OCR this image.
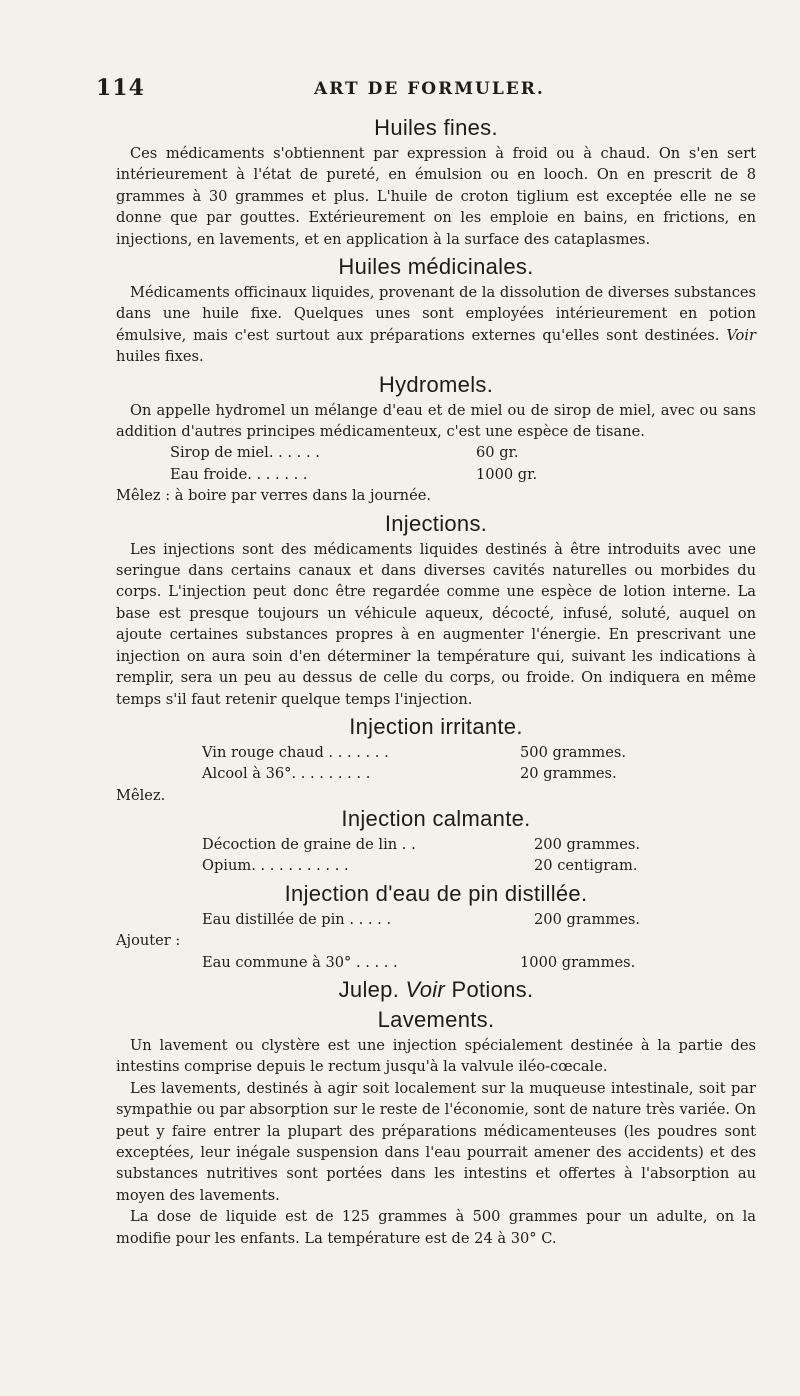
114	ART DE FORMULER.
Huiles fines.

Ces médicaments s'obtiennent par expression à froid ou à chaud. On s'en sert intérieurement à l'état de pureté, en émulsion ou en looch. On en prescrit de 8 grammes à 30 grammes et plus. L'huile de croton tiglium est exceptée elle ne se donne que par gouttes. Extérieurement on les emploie en bains, en frictions, en injections, en lavements, et en application à la surface des cataplasmes.

Huiles médicinales.

Médicaments officinaux liquides, provenant de la dissolution de diverses substances dans une huile fixe. Quelques unes sont employées intérieurement en potion émulsive, mais c'est surtout aux préparations externes qu'elles sont destinées. Voir huiles fixes.

Hydromels.

On appelle hydromel un mélange d'eau et de miel ou de sirop de miel, avec ou sans addition d'autres principes médicamenteux, c'est une espèce de tisane.

Sirop de miel. . . . . .	60 gr.
Eau froide. . . . . . .	1000 gr.

Mêlez : à boire par verres dans la journée.

Injections.

Les injections sont des médicaments liquides destinés à être introduits avec une seringue dans certains canaux et dans diverses cavités naturelles ou morbides du corps. L'injection peut donc être regardée comme une espèce de lotion interne. La base est presque toujours un véhicule aqueux, décocté, infusé, soluté, auquel on ajoute certaines substances propres à en augmenter l'énergie. En prescrivant une injection on aura soin d'en déterminer la température qui, suivant les indications à remplir, sera un peu au dessus de celle du corps, ou froide. On indiquera en même temps s'il faut retenir quelque temps l'injection.

Injection irritante.
Vin rouge chaud . . . . . . .	500 grammes.
Alcool à 36°. . . . . . . . .	20 grammes.
Mêlez.
Injection calmante.
Décoction de graine de lin . .	200 grammes.
Opium. . . . . . . . . . .	20 centigram.
Injection d'eau de pin distillée.
Eau distillée de pin . . . . .	200 grammes.
Ajouter :
Eau commune à 30° . . . . .	1000 grammes.
Julep. Voir Potions.
Lavements.

Un lavement ou clystère est une injection spécialement destinée à la partie des intestins comprise depuis le rectum jusqu'à la valvule iléo-cœcale.

Les lavements, destinés à agir soit localement sur la muqueuse intestinale, soit par sympathie ou par absorption sur le reste de l'économie, sont de nature très variée. On peut y faire entrer la plupart des préparations médicamenteuses (les poudres sont exceptées, leur inégale suspension dans l'eau pourrait amener des accidents) et des substances nutritives sont portées dans les intestins et offertes à l'absorption au moyen des lavements.

La dose de liquide est de 125 grammes à 500 grammes pour un adulte, on la modifie pour les enfants. La température est de 24 à 30° C.
